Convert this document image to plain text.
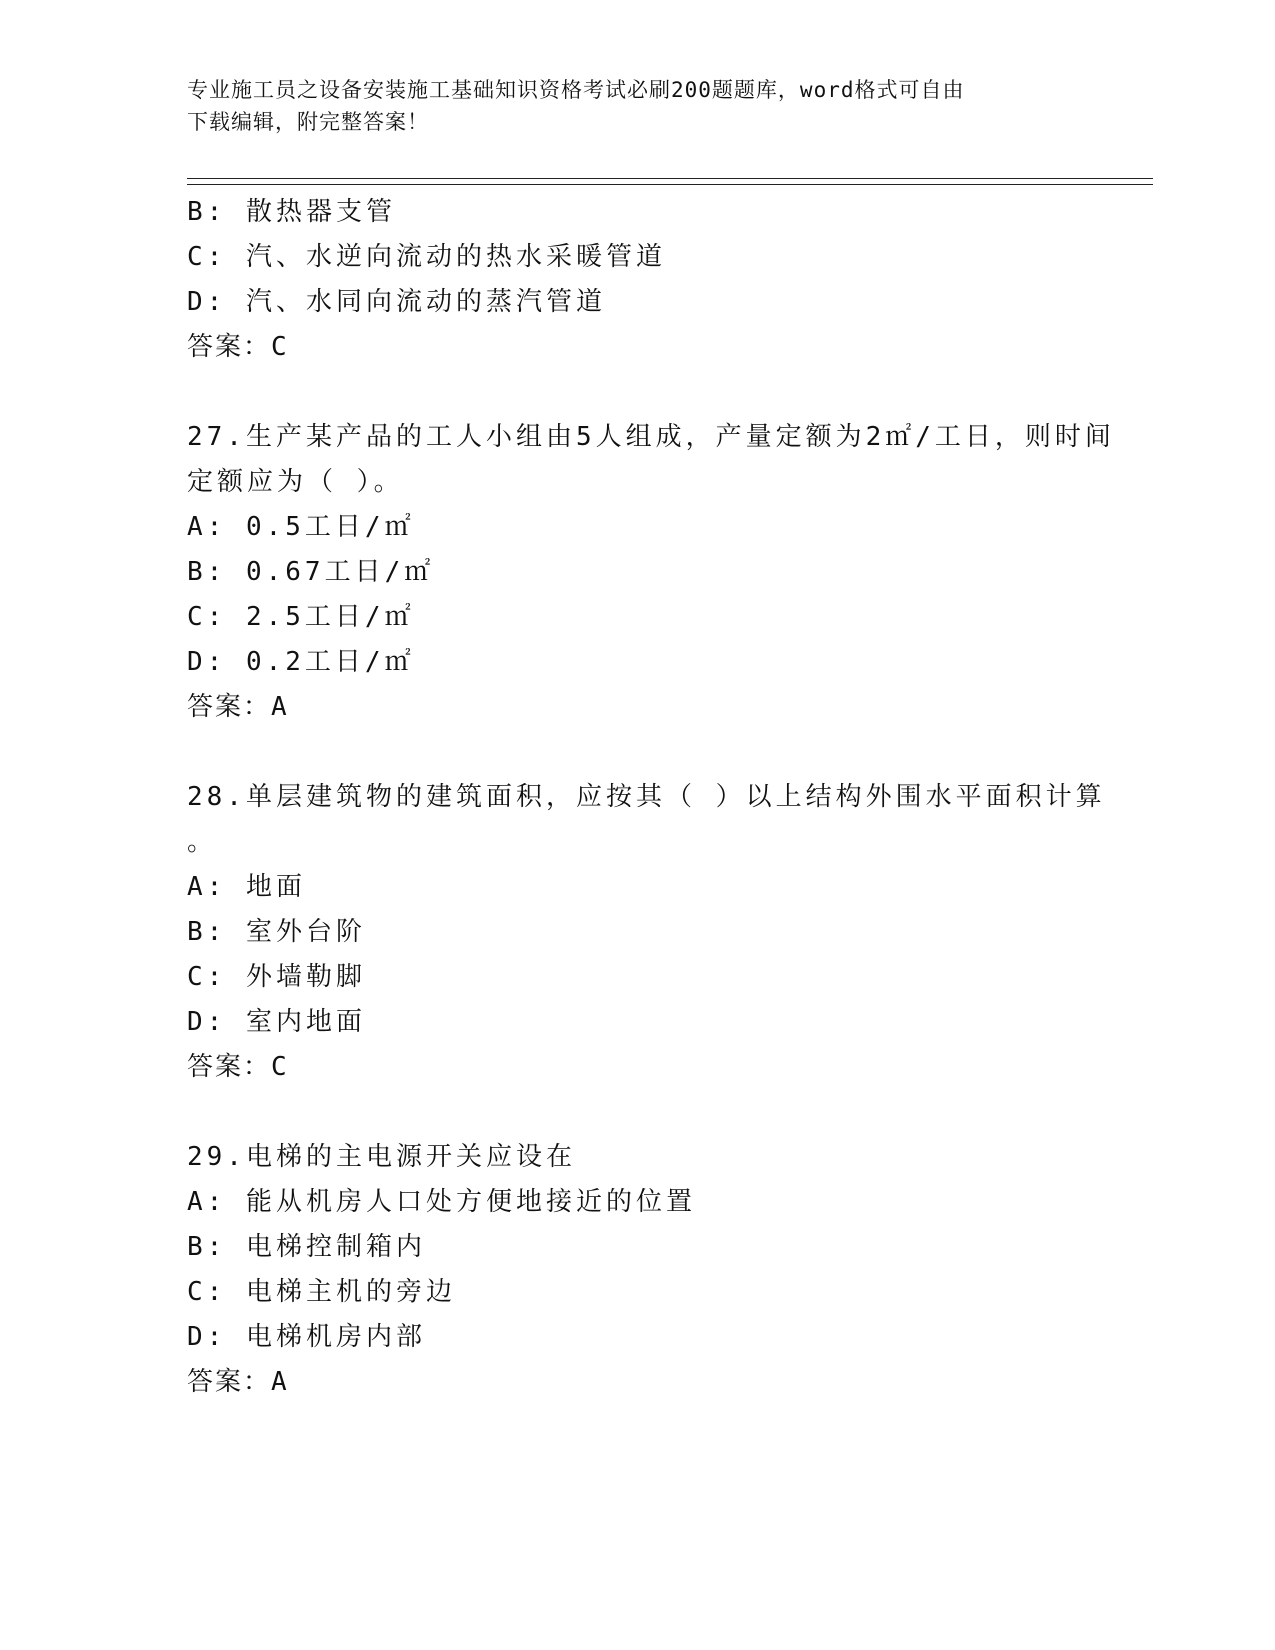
专业施工员之设备安装施工基础知识资格考试必刷200题题库，word格式可自由
下载编辑，附完整答案！
B: 散热器支管
C: 汽、水逆向流动的热水采暖管道
D: 汽、水同向流动的蒸汽管道
答案：C
27.生产某产品的工人小组由5人组成，产量定额为2㎡/工日，则时间
定额应为（ ）。
A: 0.5工日/㎡
B: 0.67工日/㎡
C: 2.5工日/㎡
D: 0.2工日/㎡
答案：A
28.单层建筑物的建筑面积，应按其（ ）以上结构外围水平面积计算
。
A: 地面
B: 室外台阶
C: 外墙勒脚
D: 室内地面
答案：C
29.电梯的主电源开关应设在
A: 能从机房人口处方便地接近的位置
B: 电梯控制箱内
C: 电梯主机的旁边
D: 电梯机房内部
答案：A
